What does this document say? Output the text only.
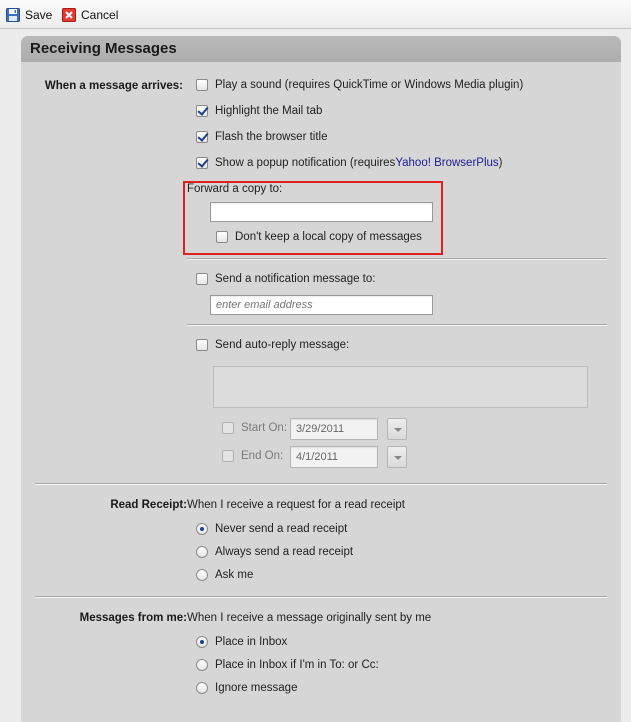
Save Cancel
Receiving Messages
When a message arrives:	Play a sound (requires QuickTime or Windows Media plugin)
Highlight the Mail tab
Flash the browser title
Show a popup notification
(requires Yahoo! BrowserPlus )
Forward a copy to:
Don't keep a local copy of messages
Send a notification message to:
enter email address
Send auto-reply message:
Start On:
3/29/2011
End On:
4/1/2011
Read Receipt: When I receive a request for a read receipt
Never send a read receipt
Always send a read receipt
Ask me
Messages from me: When I receive a message originally sent by me
Place in Inbox
Place in Inbox if I'm in To: or Cc:
Ignore message
